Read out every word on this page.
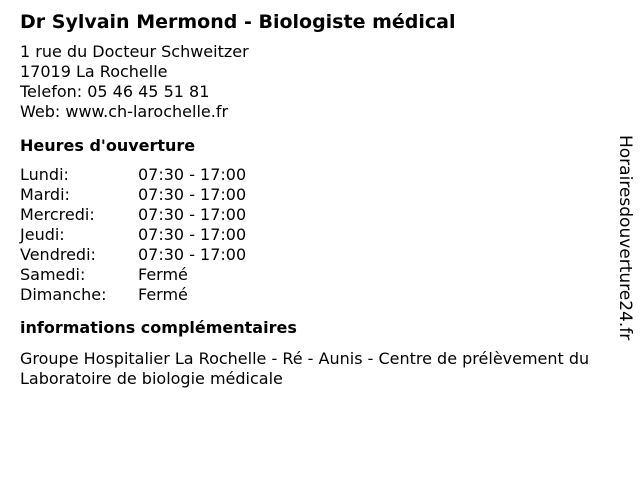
Dr Sylvain Mermond - Biologiste médical
1 rue du Docteur Schweitzer
17019 La Rochelle
Telefon: 05 46 45 51 81
Web: www.ch-larochelle.fr
Heures d'ouverture
Lundi:	07:30 - 17:00
Mardi:	07:30 - 17:00
Mercredi:	07:30 - 17:00
Jeudi:	07:30 - 17:00
Vendredi:	07:30 - 17:00
Samedi:	Fermé
Dimanche:	Fermé
informations complémentaires
Groupe Hospitalier La Rochelle - Ré - Aunis - Centre de prélèvement du Laboratoire de biologie médicale
Horairesdouverture24.fr
